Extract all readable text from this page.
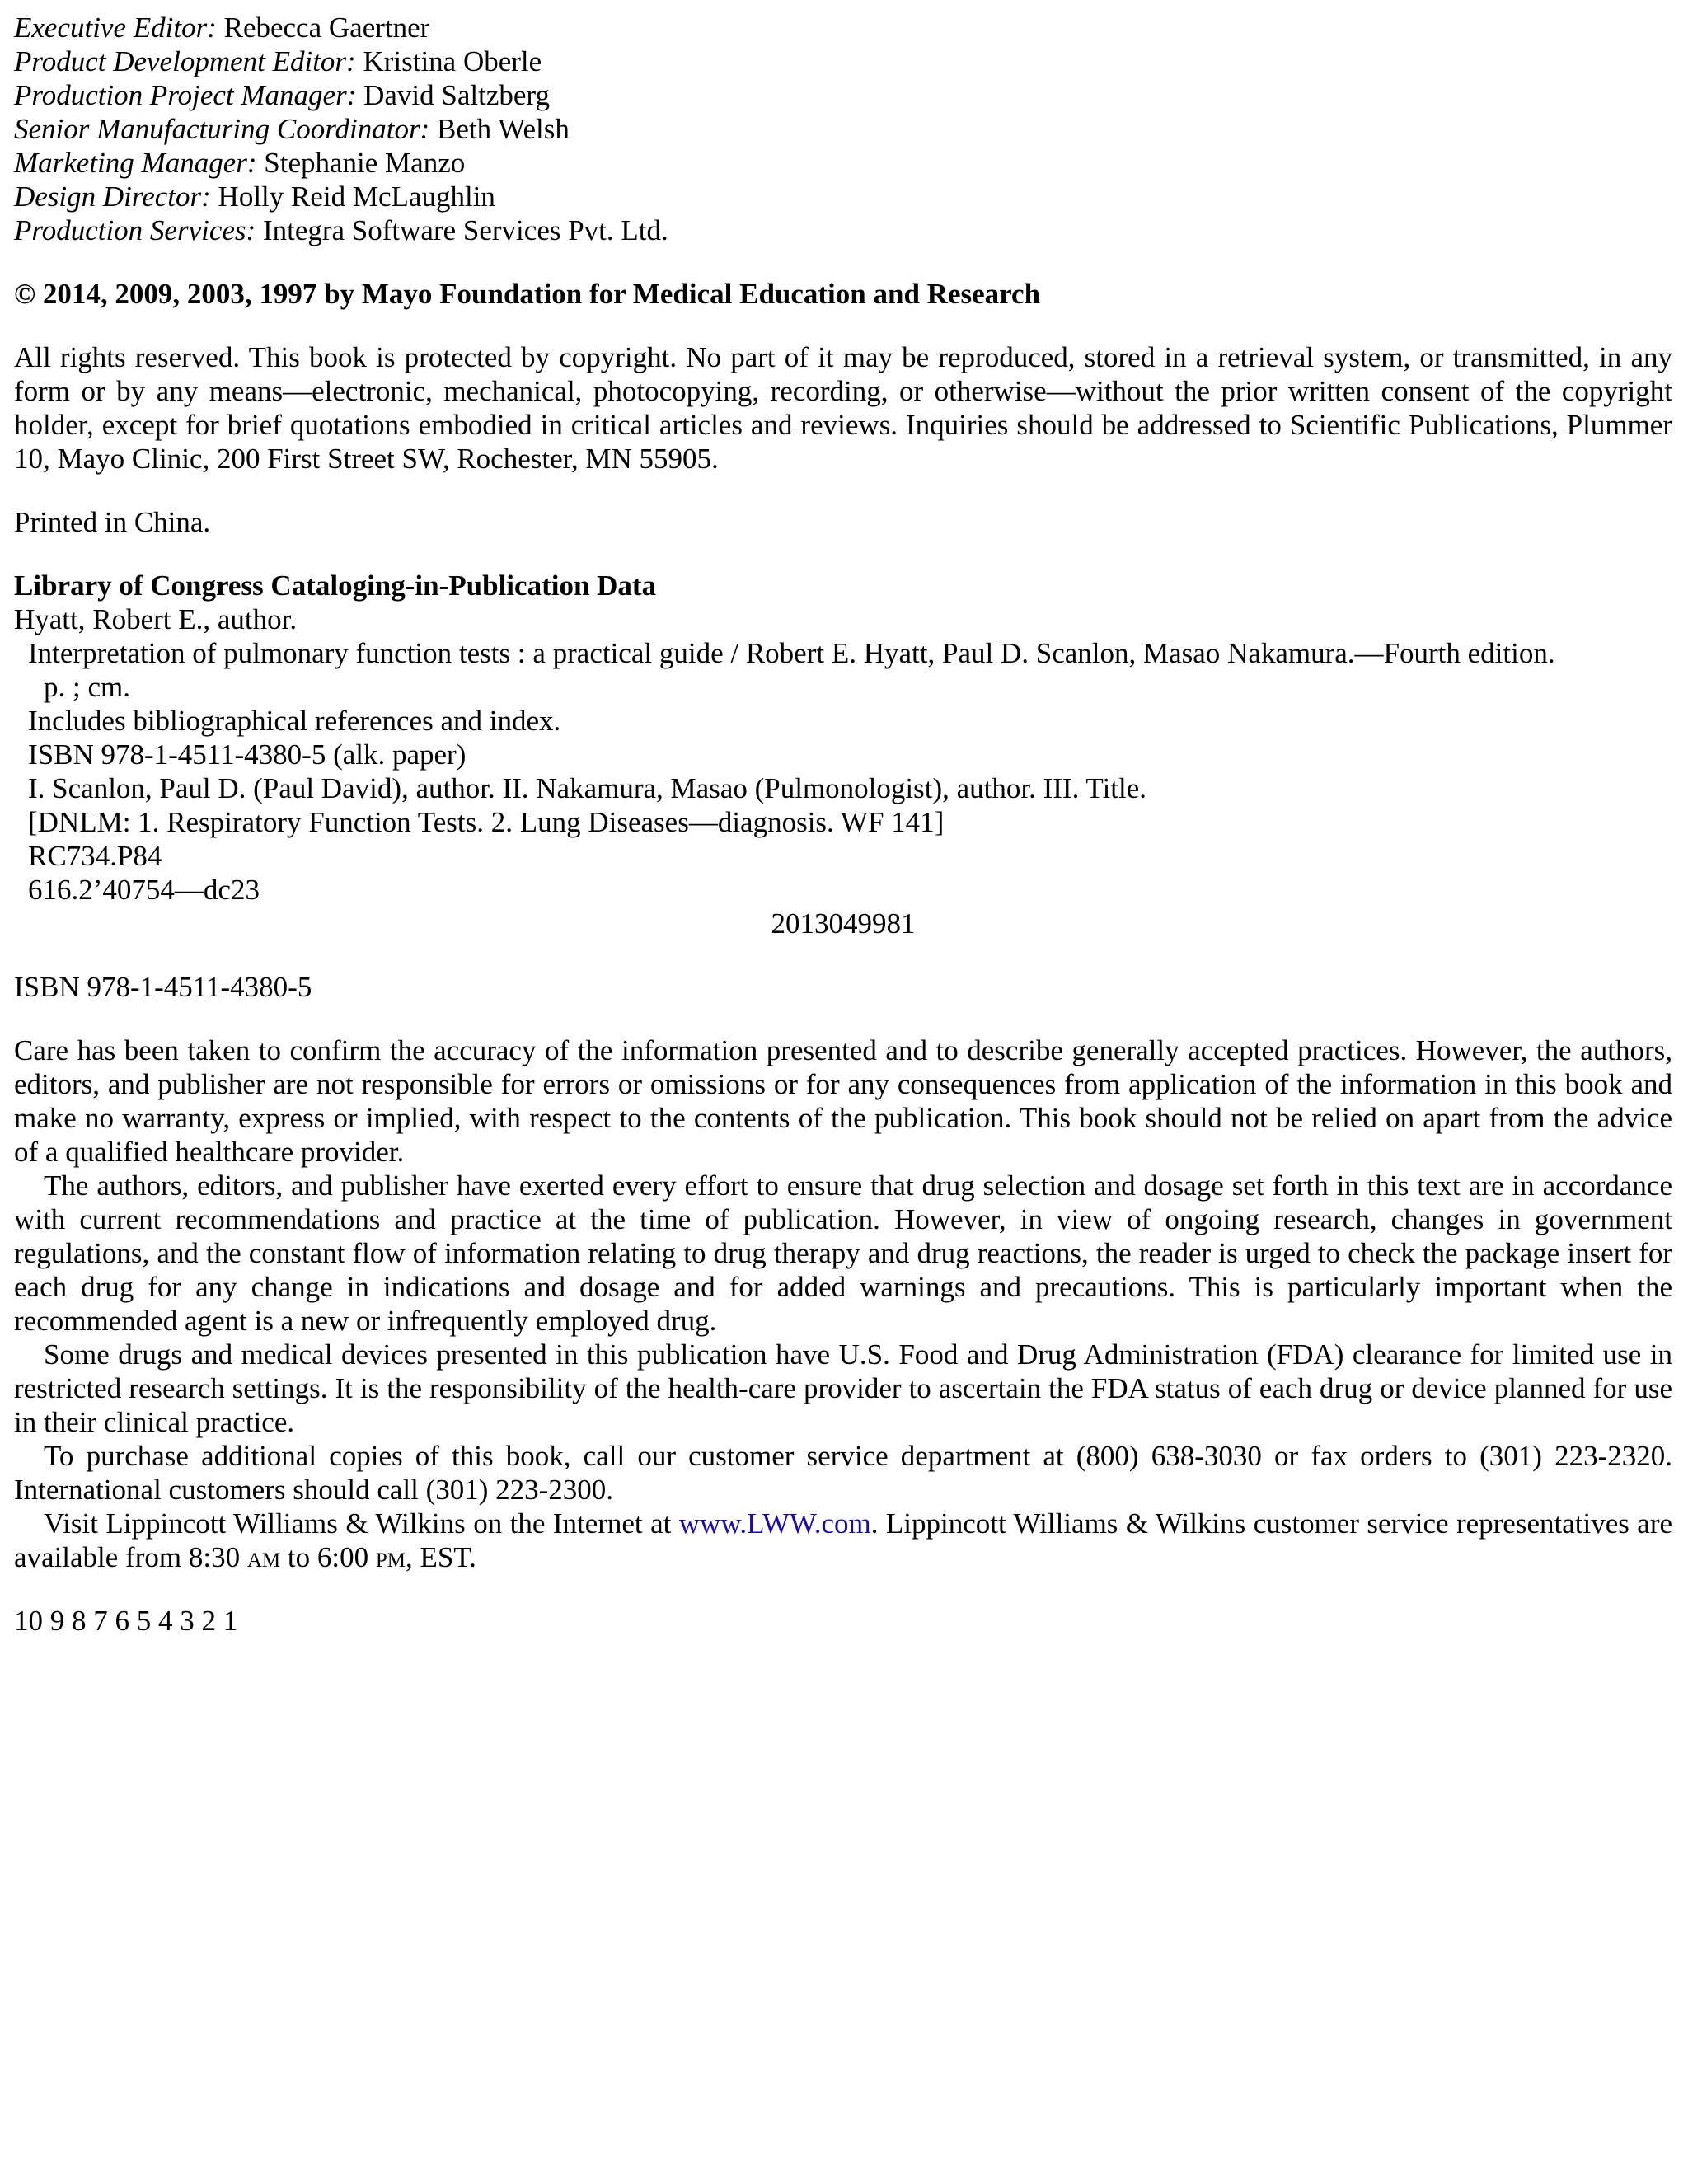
Executive Editor: Rebecca Gaertner
Product Development Editor: Kristina Oberle
Production Project Manager: David Saltzberg
Senior Manufacturing Coordinator: Beth Welsh
Marketing Manager: Stephanie Manzo
Design Director: Holly Reid McLaughlin
Production Services: Integra Software Services Pvt. Ltd.
© 2014, 2009, 2003, 1997 by Mayo Foundation for Medical Education and Research

All rights reserved. This book is protected by copyright. No part of it may be reproduced, stored in a retrieval system, or transmitted, in any form or by any means—electronic, mechanical, photocopying, recording, or otherwise—without the prior written consent of the copyright holder, except for brief quotations embodied in critical articles and reviews. Inquiries should be addressed to Scientific Publications, Plummer 10, Mayo Clinic, 200 First Street SW, Rochester, MN 55905.

Printed in China.
Library of Congress Cataloging-in-Publication Data
Hyatt, Robert E., author.
Interpretation of pulmonary function tests : a practical guide / Robert E. Hyatt, Paul D. Scanlon, Masao Nakamura.—Fourth edition.
p. ; cm.
Includes bibliographical references and index.
ISBN 978-1-4511-4380-5 (alk. paper)
I. Scanlon, Paul D. (Paul David), author. II. Nakamura, Masao (Pulmonologist), author. III. Title.
[DNLM: 1. Respiratory Function Tests. 2. Lung Diseases—diagnosis. WF 141]
RC734.P84
616.2’40754—dc23
2013049981
ISBN 978-1-4511-4380-5

Care has been taken to confirm the accuracy of the information presented and to describe generally accepted practices. However, the authors, editors, and publisher are not responsible for errors or omissions or for any consequences from application of the information in this book and make no warranty, express or implied, with respect to the contents of the publication. This book should not be relied on apart from the advice of a qualified healthcare provider.

The authors, editors, and publisher have exerted every effort to ensure that drug selection and dosage set forth in this text are in accordance with current recommendations and practice at the time of publication. However, in view of ongoing research, changes in government regulations, and the constant flow of information relating to drug therapy and drug reactions, the reader is urged to check the package insert for each drug for any change in indications and dosage and for added warnings and precautions. This is particularly important when the recommended agent is a new or infrequently employed drug.

Some drugs and medical devices presented in this publication have U.S. Food and Drug Administration (FDA) clearance for limited use in restricted research settings. It is the responsibility of the health-care provider to ascertain the FDA status of each drug or device planned for use in their clinical practice.

To purchase additional copies of this book, call our customer service department at (800) 638-3030 or fax orders to (301) 223-2320. International customers should call (301) 223-2300.

Visit Lippincott Williams & Wilkins on the Internet at www.LWW.com. Lippincott Williams & Wilkins customer service representatives are available from 8:30 am to 6:00 pm, EST.

10 9 8 7 6 5 4 3 2 1
